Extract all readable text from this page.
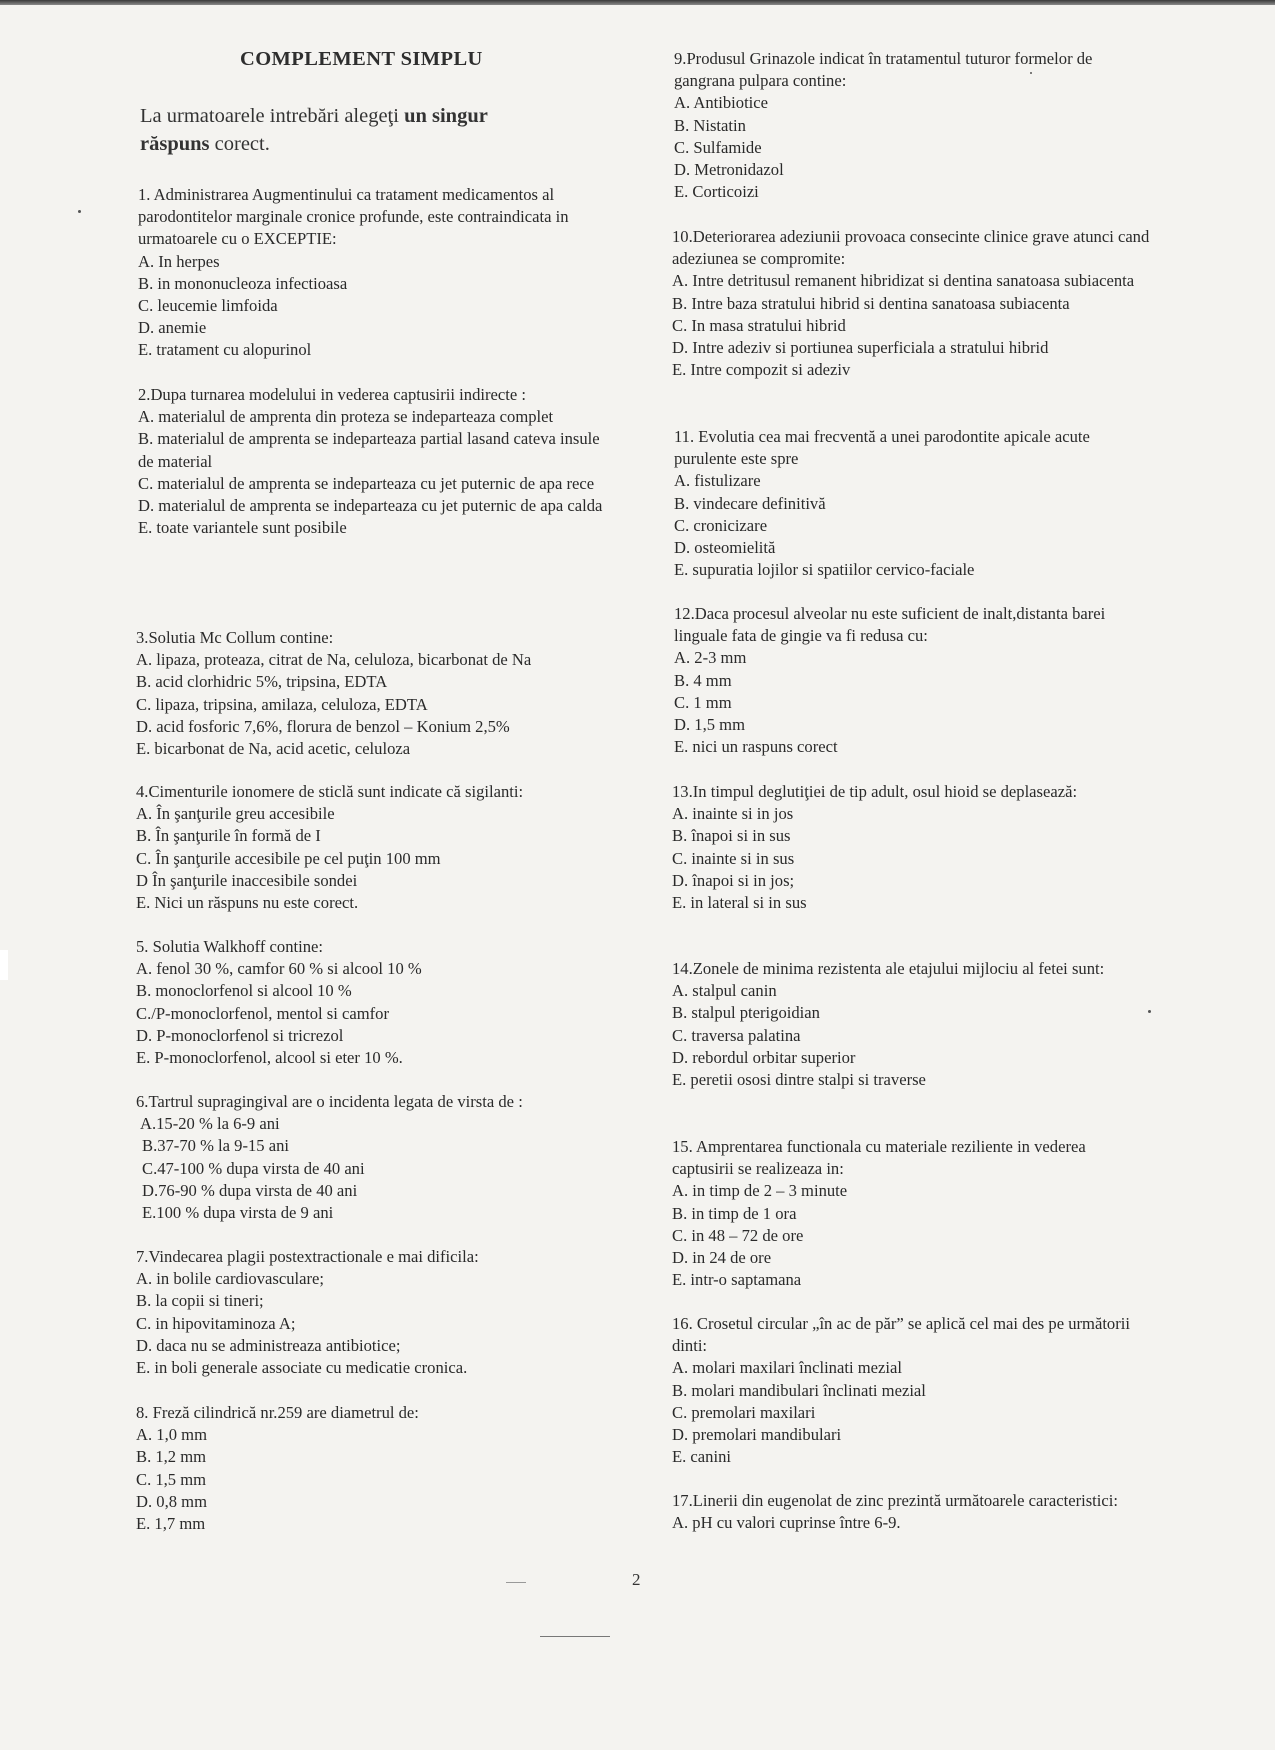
COMPLEMENT SIMPLU
La urmatoarele intrebări alegeţi un singur
răspuns corect.
1. Administrarea Augmentinului ca tratament medicamentos al parodontitelor marginale cronice profunde, este contraindicata in urmatoarele cu o EXCEPTIE:
A. In herpes
B. in mononucleoza infectioasa
C. leucemie limfoida
D. anemie
E. tratament cu alopurinol
2.Dupa turnarea modelului in vederea captusirii indirecte :
A. materialul de amprenta din proteza se indeparteaza complet
B. materialul de amprenta se indeparteaza partial lasand cateva insule de material
C. materialul de amprenta se indeparteaza cu jet puternic de apa rece
D. materialul de amprenta se indeparteaza cu jet puternic de apa calda
E. toate variantele sunt posibile
3.Solutia Mc Collum contine:
A. lipaza, proteaza, citrat de Na, celuloza, bicarbonat de Na
B. acid clorhidric 5%, tripsina, EDTA
C. lipaza, tripsina, amilaza, celuloza, EDTA
D. acid fosforic 7,6%, florura de benzol – Konium 2,5%
E. bicarbonat de Na, acid acetic, celuloza
4.Cimenturile ionomere de sticlă sunt indicate că sigilanti:
A. În şanţurile greu accesibile
B. În şanţurile în formă de I
C. În şanţurile accesibile pe cel puţin 100 mm
D În şanţurile inaccesibile sondei
E. Nici un răspuns nu este corect.
5. Solutia Walkhoff contine:
A. fenol 30 %, camfor 60 % si alcool 10 %
B. monoclorfenol si alcool 10 %
C./P-monoclorfenol, mentol si camfor
D. P-monoclorfenol si tricrezol
E. P-monoclorfenol, alcool si eter 10 %.
6.Tartrul supragingival are o incidenta legata de virsta de :
A.15-20 % la 6-9 ani
B.37-70 % la 9-15 ani
C.47-100 % dupa virsta de 40 ani
D.76-90 % dupa virsta de 40 ani
E.100 % dupa virsta de 9 ani
7.Vindecarea plagii postextractionale e mai dificila:
A. in bolile cardiovasculare;
B. la copii si tineri;
C. in hipovitaminoza A;
D. daca nu se administreaza antibiotice;
E. in boli generale associate cu medicatie cronica.
8. Freză cilindrică nr.259 are diametrul de:
A. 1,0 mm
B. 1,2 mm
C. 1,5 mm
D. 0,8 mm
E. 1,7 mm
9.Produsul Grinazole indicat în tratamentul tuturor formelor de gangrana pulpara contine:
A. Antibiotice
B. Nistatin
C. Sulfamide
D. Metronidazol
E. Corticoizi
10.Deteriorarea adeziunii provoaca consecinte clinice grave atunci cand adeziunea se compromite:
A. Intre detritusul remanent hibridizat si dentina sanatoasa subiacenta
B. Intre baza stratului hibrid si dentina sanatoasa subiacenta
C. In masa stratului hibrid
D. Intre adeziv si portiunea superficiala a stratului hibrid
E. Intre compozit si adeziv
11. Evolutia cea mai frecventă a unei parodontite apicale acute purulente este spre
A. fistulizare
B. vindecare definitivă
C. cronicizare
D. osteomielită
E. supuratia lojilor si spatiilor cervico-faciale
12.Daca procesul alveolar nu este suficient de inalt,distanta barei linguale fata de gingie va fi redusa cu:
A. 2-3 mm
B. 4 mm
C. 1 mm
D. 1,5 mm
E. nici un raspuns corect
13.In timpul deglutiţiei de tip adult, osul hioid se deplasează:
A. inainte si in jos
B. înapoi si in sus
C. inainte si in sus
D. înapoi si in jos;
E. in lateral si in sus
14.Zonele de minima rezistenta ale etajului mijlociu al fetei sunt:
A. stalpul canin
B. stalpul pterigoidian
C. traversa palatina
D. rebordul orbitar superior
E. peretii ososi dintre stalpi si traverse
15. Amprentarea functionala cu materiale reziliente in vederea captusirii se realizeaza in:
A. in timp de 2 – 3 minute
B. in timp de 1 ora
C. in 48 – 72 de ore
D. in 24 de ore
E. intr-o saptamana
16. Crosetul circular „în ac de păr” se aplică cel mai des pe următorii dinti:
A. molari maxilari înclinati mezial
B. molari mandibulari înclinati mezial
C. premolari maxilari
D. premolari mandibulari
E. canini
17.Linerii din eugenolat de zinc prezintă următoarele caracteristici:
A. pH cu valori cuprinse între 6-9.
2
